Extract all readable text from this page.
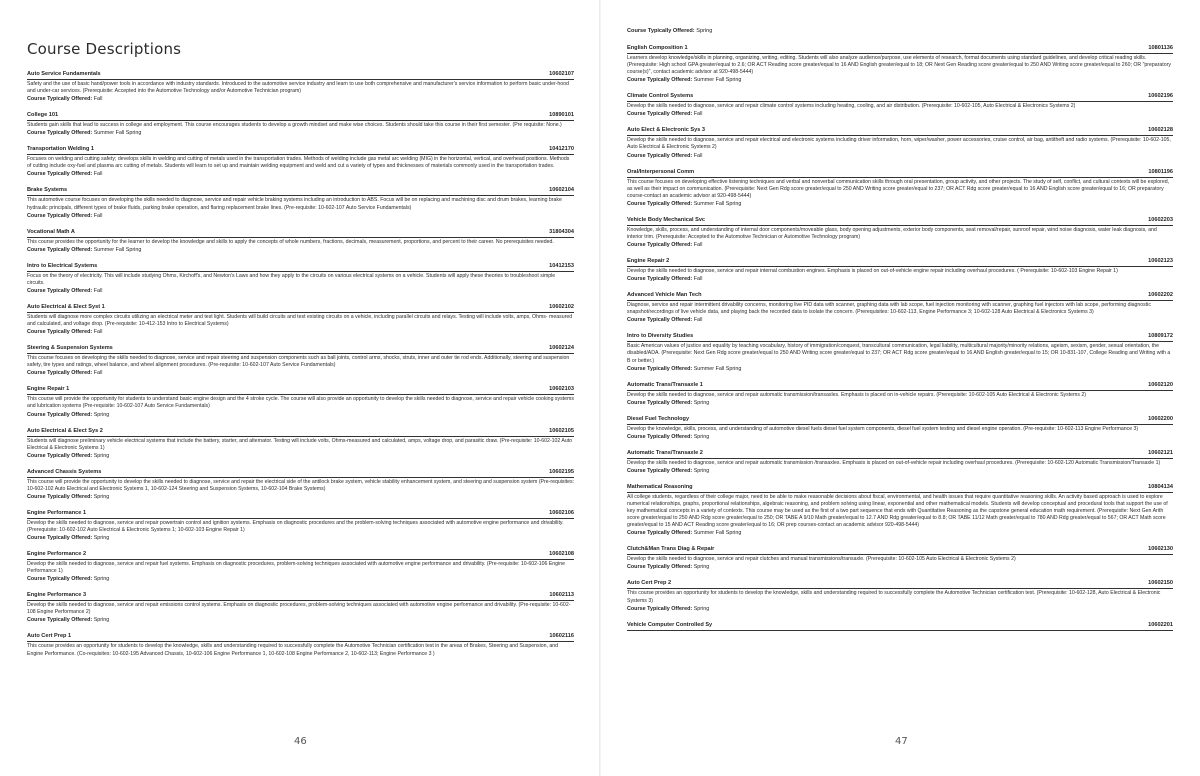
Course Descriptions
Auto Service Fundamentals	10602107
Safety and the use of basic hand/power tools in accordance with industry standards. Introduced to the automotive service industry and learn to use both comprehensive and manufacturer's service information to perform basic under-hood and under-car services. (Prerequisite: Accepted into the Automotive Technology and/or Automotive Technician program)
Course Typically Offered: Fall
College 101	10890101
Students gain skills that lead to success in college and employment. This course encourages students to develop a growth mindset and make wise choices. Students should take this course in their first semester. (Pre requisite: None.)
Course Typically Offered: Summer Fall Spring
Transportation Welding 1	10412170
Focuses on welding and cutting safety; develops skills in welding and cutting of metals used in the transportation trades. Methods of welding include gas metal arc welding (MIG) in the horizontal, vertical, and overhead positions. Methods of cutting include oxy-fuel and plasma arc cutting of metals. Students will learn to set up and maintain welding equipment and weld and cut a variety of types and thicknesses of materials commonly used in the transportation trades.
Course Typically Offered: Fall
Brake Systems	10602104
This automotive course focuses on developing the skills needed to diagnose, service and repair vehicle braking systems including an introduction to ABS. Focus will be on replacing and machining disc and drum brakes, learning brake hydraulic principals, different types of brake fluids, parking brake operation, and flaring replacement brake lines. (Pre-requisite: 10-602-107 Auto Service Fundamentals)
Course Typically Offered: Fall
Vocational Math A	31804304
This course provides the opportunity for the learner to develop the knowledge and skills to apply the concepts of whole numbers, fractions, decimals, measurement, proportions, and percent to their career. No prerequisites needed.
Course Typically Offered: Summer Fall Spring
Intro to Electrical Systems	10412153
Focus on the theory of electricity. This will include studying Ohms, Kirchoff's, and Newton's Laws and how they apply to the circuits on various electrical systems on a vehicle. Students will apply these theories to troubleshoot simple circuits.
Course Typically Offered: Fall
Auto Electrical & Elect Syst 1	10602102
Students will diagnose more complex circuits utilizing an electrical meter and test light. Students will build circuits and test existing circuits on a vehicle, including parallel circuits and relays. Testing will include volts, amps, Ohms- measured and calculated, and voltage drop. (Pre-requisite: 10-412-153 Intro to Electrical Systems)
Course Typically Offered: Fall
Steering & Suspension Systems	10602124
This course focuses on developing the skills needed to diagnose, service and repair steering and suspension components such as ball joints, control arms, shocks, struts, inner and outer tie rod ends. Additionally, steering and suspension safety, tire types and ratings, wheel balance, and wheel alignment procedures. (Pre-requisite: 10-602-107 Auto Service Fundamentals)
Course Typically Offered: Fall
Engine Repair 1	10602103
This course will provide the opportunity for students to understand basic engine design and the 4 stroke cycle. The course will also provide an opportunity to develop the skills needed to diagnose, service and repair vehicle cooking systems and lubrication systems (Pre-requisite: 10-602-107 Auto Service Fundamentals)
Course Typically Offered: Spring
Auto Electrical & Elect Sys 2	10602105
Students will diagnose preliminary vehicle electrical systems that include the battery, starter, and alternator. Testing will include volts, Ohms-measured and calculated, amps, voltage drop, and parasitic draw. (Pre-requisite: 10-602-102 Auto Electrical & Electronic Systems 1)
Course Typically Offered: Spring
Advanced Chassis Systems	10602195
This course will provide the opportunity to develop the skills needed to diagnose, service and repair the electrical side of the antilock brake system, vehicle stability enhancement system, and steering and suspension system (Pre-requisites: 10-602-102 Auto Electrical and Electronic Systems 1, 10-602-124 Steering and Suspension Systems, 10-602-104 Brake Systems)
Course Typically Offered: Spring
Engine Performance 1	10602106
Develop the skills needed to diagnose, service and repair powertrain control and ignition systems. Emphasis on diagnostic procedures and the problem-solving techniques associated with automotive engine performance and drivability. (Prerequisite: 10-602-102 Auto Electrical & Electronic Systems 1; 10-602-103 Engine Repair 1)
Course Typically Offered: Spring
Engine Performance 2	10602108
Develop the skills needed to diagnose, service and repair fuel systems. Emphasis on diagnostic procedures, problem-solving techniques associated with automotive engine performance and drivability. (Pre-requisite: 10-602-106 Engine Performance 1)
Course Typically Offered: Spring
Engine Performance 3	10602113
Develop the skills needed to diagnose, service and repair emissions control systems. Emphasis on diagnostic procedures, problem-solving techniques associated with automotive engine performance and drivability. (Pre-requisite: 10-602-108 Engine Performance 2)
Course Typically Offered: Spring
Auto Cert Prep 1	10602116
This course provides an opportunity for students to develop the knowledge, skills and understanding required to successfully complete the Automotive Technician certification test in the areas of Brakes, Steering and Suspension, and Engine Performance. (Co-requisites: 10-602-195 Advanced Chassis, 10-602-106 Engine Performance 1, 10-602-108 Engine Performance 2, 10-602-113; Engine Performance 3 )
46
Course Typically Offered: Spring
English Composition 1	10801136
Learners develop knowledge/skills in planning, organizing, writing, editing. Students will also analyze audience/purpose, use elements of research, format documents using standard guidelines, and develop critical reading skills. (Prerequisite: High school GPA greater/equal to 2.6; OR ACT Reading score greater/equal to 16 AND English greater/equal to 18; OR Next Gen Reading score greater/equal to 250 AND Writing score greater/equal to 260; OR "preparatory course(s)", contact academic advisor at 920-498-5444)
Course Typically Offered: Summer Fall Spring
Climate Control Systems	10602196
Develop the skills needed to diagnose, service and repair climate control systems including heating, cooling, and air distribution. (Prerequisite: 10-602-105, Auto Electrical & Electronics Systems 2)
Course Typically Offered: Fall
Auto Elect & Electronic Sys 3	10602128
Develop the skills needed to diagnose, service and repair electrical and electronic systems including driver information, horn, wiper/washer, power accessories, cruise control, air bag, antitheft and radio systems. (Prerequisite: 10-602-105, Auto Electrical & Electronic Systems 2)
Course Typically Offered: Fall
Oral/Interpersonal Comm	10801196
This course focuses on developing effective listening techniques and verbal and nonverbal communication skills through oral presentation, group activity, and other projects. The study of self, conflict, and cultural contexts will be explored, as well as their impact on communication. (Prerequisite: Next Gen Rdg score greater/equal to 250 AND Writing score greater/equal to 237; OR ACT Rdg score greater/equal to 16 AND English score greater/equal to 16; OR preparatory course-contact an academic advisor at 920-498-5444)
Course Typically Offered: Summer Fall Spring
Vehicle Body Mechanical Svc	10602203
Knowledge, skills, process, and understanding of internal door components/moveable glass, body opening adjustments, exterior body components, seat removal/repair, sunroof repair, wind noise diagnosis, water leak diagnosis, and interior trim. (Prerequisite: Accepted to the Automotive Technician or Automotive Technology program)
Course Typically Offered: Fall
Engine Repair 2	10602123
Develop the skills needed to diagnose, service and repair internal combustion engines. Emphasis is placed on out-of-vehicle engine repair including overhaul procedures. ( Prerequisite: 10-602-103 Engine Repair 1)
Course Typically Offered: Fall
Advanced Vehicle Man Tech	10602202
Diagnose, service and repair intermittent drivability concerns, monitoring live PID data with scanner, graphing data with lab scope, fuel injection monitoring with scanner, graphing fuel injectors with lab scope, performing diagnostic snapshot/recordings of live vehicle data, and playing back the recorded data to isolate the concern. (Prerequisites: 10-602-113, Engine Performance 3; 10-602-128 Auto Electrical & Electronics Systems 3)
Course Typically Offered: Fall
Intro to Diversity Studies	10809172
Basic American values of justice and equality by teaching vocabulary, history of immigration/conquest, transcultural communication, legal liability, multicultural majority/minority relations, ageism, sexism, gender, sexual orientation, the disabled/ADA. (Prerequisite: Next Gen Rdg score greater/equal to 250 AND Writing score greater/equal to 237; OR ACT Rdg score greater/equal to 16 AND English greater/equal to 15; OR 10-831-107, College Reading and Writing with a B or better.)
Course Typically Offered: Summer Fall Spring
Automatic Trans/Transaxle 1	10602120
Develop the skills needed to diagnose, service and repair automatic transmission/transaxles. Emphasis is placed on in-vehicle repairs. (Prerequisite: 10-602-105 Auto Electrical & Electronic Systems 2)
Course Typically Offered: Spring
Diesel Fuel Technology	10602200
Develop the knowledge, skills, process, and understanding of automotive diesel fuels diesel fuel system components, diesel fuel system testing and diesel engine operation. (Pre-requisite: 10-602-113 Engine Performance 3)
Course Typically Offered: Spring
Automatic Trans/Transaxle 2	10602121
Develop the skills needed to diagnose, service and repair automatic transmission /transaxles. Emphasis is placed on out-of-vehicle repair including overhaul procedures. (Prerequisite: 10-602-120 Automatic Transmission/Transaxle 1)
Course Typically Offered: Spring
Mathematical Reasoning	10804134
All college students, regardless of their college major, need to be able to make reasonable decisions about fiscal, environmental, and health issues that require quantitative reasoning skills. An activity based approach is used to explore numerical relationships, graphs, proportional relationships, algebraic reasoning, and problem solving using linear, exponential and other mathematical models. Students will develop conceptual and procedural tools that support the use of key mathematical concepts in a variety of contexts. This course may be used as the first of a two part sequence that ends with Quantitative Reasoning as the capstone general education math requirement. (Prerequisite: Next Gen Arith score greater/equal to 250 AND Rdg score greater/equal to 250; OR TABE A 9/10 Math greater/equal to 12.7 AND Rdg greater/equal to 8.8; OR TABE 11/12 Math greater/equal to 780 AND Rdg greater/equal to 567; OR ACT Math score greater/equal to 15 AND ACT Reading score greater/equal to 16; OR prep courses-contact an academic advisor 920-498-5444)
Course Typically Offered: Summer Fall Spring
Clutch&Man Trans Diag & Repair	10602130
Develop the skills needed to diagnose, service and repair clutches and manual transmissions/transaxle. (Prerequisite: 10-602-105 Auto Electrical & Electronic Systems 2)
Course Typically Offered: Spring
Auto Cert Prep 2	10602150
This course provides an opportunity for students to develop the knowledge, skills and understanding required to successfully complete the Automotive Technician certification test. (Prerequisite: 10-602-128, Auto Electrical & Electronic Systems 3)
Course Typically Offered: Spring
Vehicle Computer Controlled Sy	10602201
47
